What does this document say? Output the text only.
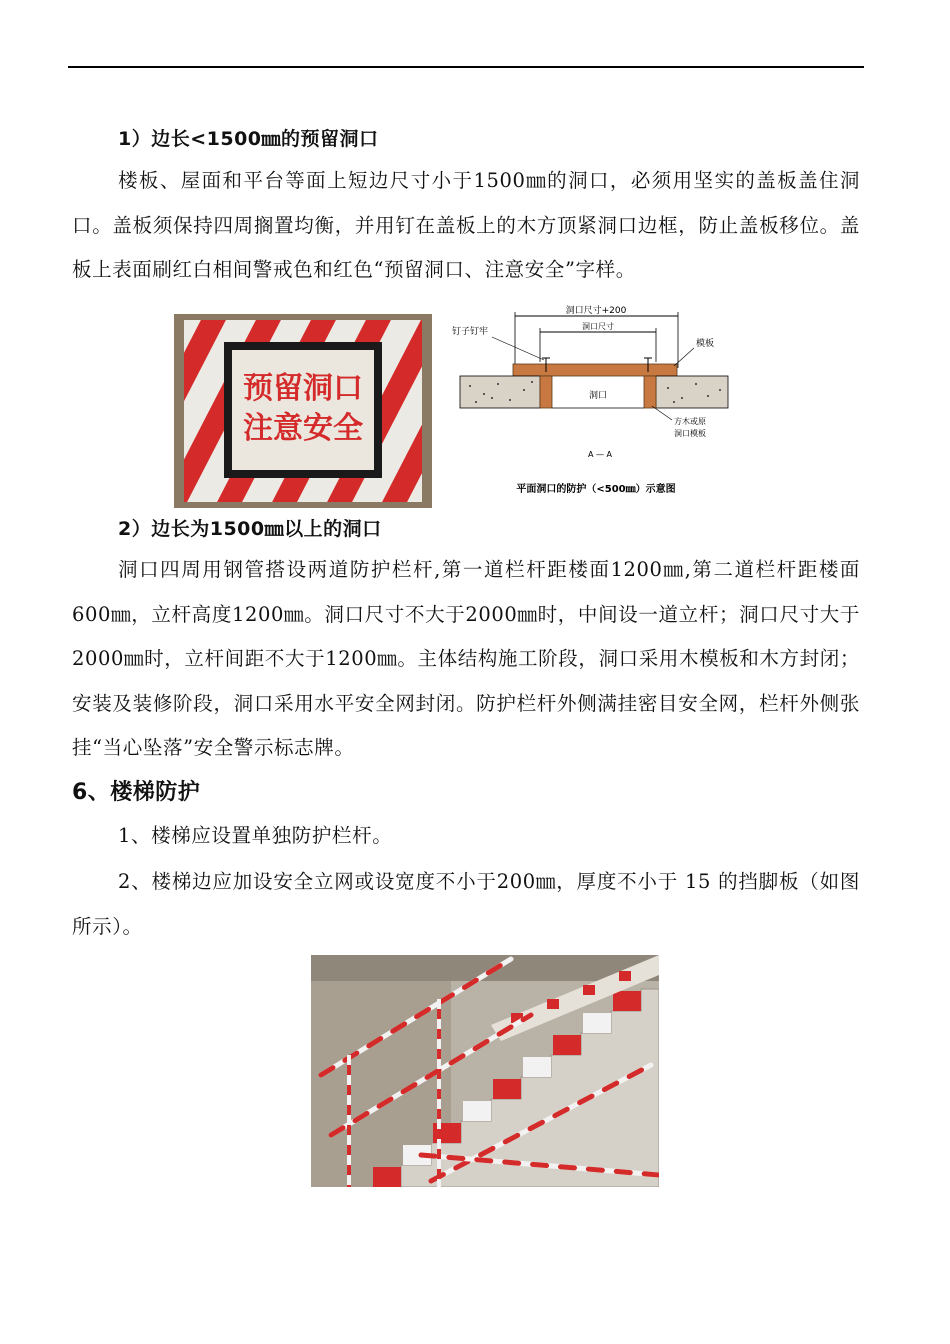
1）边长<1500㎜的预留洞口
楼板、屋面和平台等面上短边尺寸小于1500㎜的洞口，必须用坚实的盖板盖住洞口。盖板须保持四周搁置均衡，并用钉在盖板上的木方顶紧洞口边框，防止盖板移位。盖板上表面刷红白相间警戒色和红色“预留洞口、注意安全”字样。
预留洞口
注意安全
洞口尺寸+200
洞口尺寸
洞口
钉子钉牢
模板
方木或原
洞口模板
A — A
平面洞口的防护（<500㎜）示意图
2）边长为1500㎜以上的洞口
洞口四周用钢管搭设两道防护栏杆,第一道栏杆距楼面1200㎜,第二道栏杆距楼面600㎜，立杆高度1200㎜。洞口尺寸不大于2000㎜时，中间设一道立杆；洞口尺寸大于2000㎜时，立杆间距不大于1200㎜。主体结构施工阶段，洞口采用木模板和木方封闭；安装及装修阶段，洞口采用水平安全网封闭。防护栏杆外侧满挂密目安全网，栏杆外侧张挂“当心坠落”安全警示标志牌。
6、楼梯防护
1、楼梯应设置单独防护栏杆。
2、楼梯边应加设安全立网或设宽度不小于200㎜，厚度不小于 15 的挡脚板（如图所示）。
